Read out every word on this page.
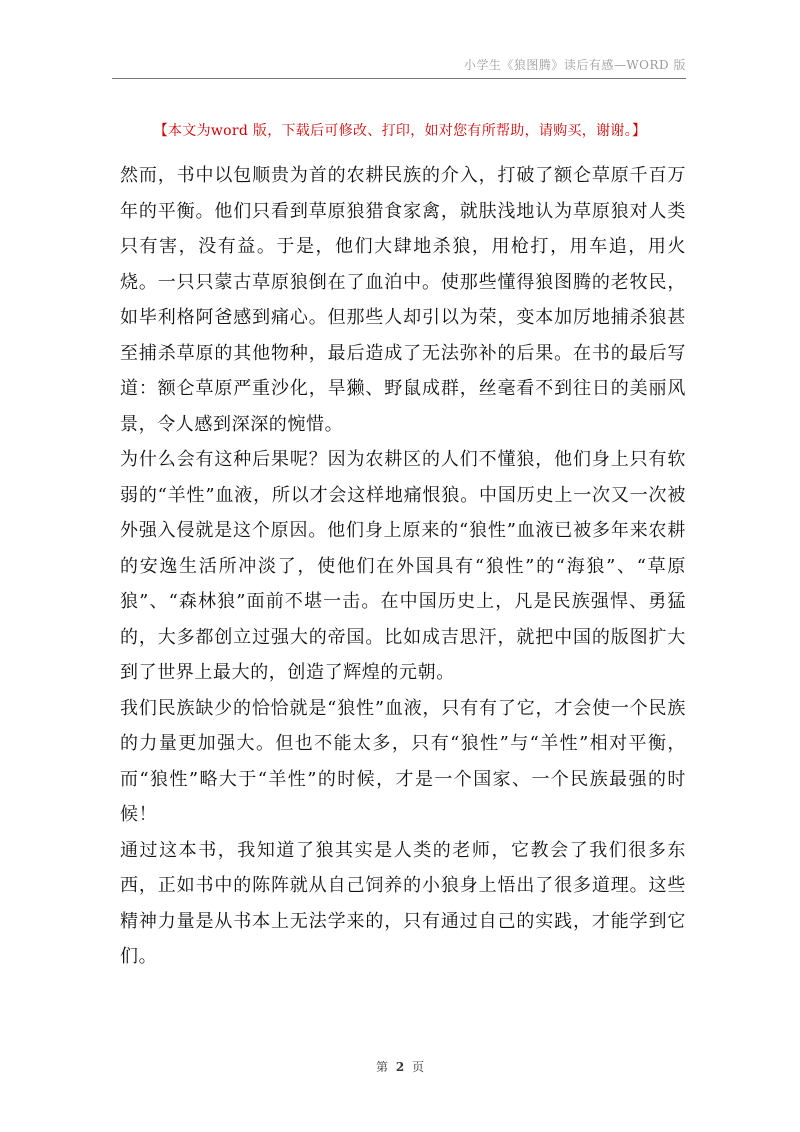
小学生《狼图腾》读后有感—WORD 版
【本文为word 版，下载后可修改、打印，如对您有所帮助，请购买，谢谢。】

然而，书中以包顺贵为首的农耕民族的介入，打破了额仑草原千百万年的平衡。他们只看到草原狼猎食家禽，就肤浅地认为草原狼对人类只有害，没有益。于是，他们大肆地杀狼，用枪打，用车追，用火烧。一只只蒙古草原狼倒在了血泊中。使那些懂得狼图腾的老牧民，如毕利格阿爸感到痛心。但那些人却引以为荣，变本加厉地捕杀狼甚至捕杀草原的其他物种，最后造成了无法弥补的后果。在书的最后写道：额仑草原严重沙化，旱獭、野鼠成群，丝毫看不到往日的美丽风景，令人感到深深的惋惜。

为什么会有这种后果呢？因为农耕区的人们不懂狼，他们身上只有软弱的“羊性”血液，所以才会这样地痛恨狼。中国历史上一次又一次被外强入侵就是这个原因。他们身上原来的“狼性”血液已被多年来农耕的安逸生活所冲淡了，使他们在外国具有“狼性”的“海狼”、“草原狼”、“森林狼”面前不堪一击。在中国历史上，凡是民族强悍、勇猛的，大多都创立过强大的帝国。比如成吉思汗，就把中国的版图扩大到了世界上最大的，创造了辉煌的元朝。

我们民族缺少的恰恰就是“狼性”血液，只有有了它，才会使一个民族的力量更加强大。但也不能太多，只有“狼性”与“羊性”相对平衡，而“狼性”略大于“羊性”的时候，才是一个国家、一个民族最强的时候！

通过这本书，我知道了狼其实是人类的老师，它教会了我们很多东西，正如书中的陈阵就从自己饲养的小狼身上悟出了很多道理。这些精神力量是从书本上无法学来的，只有通过自己的实践，才能学到它们。

第 2 页
